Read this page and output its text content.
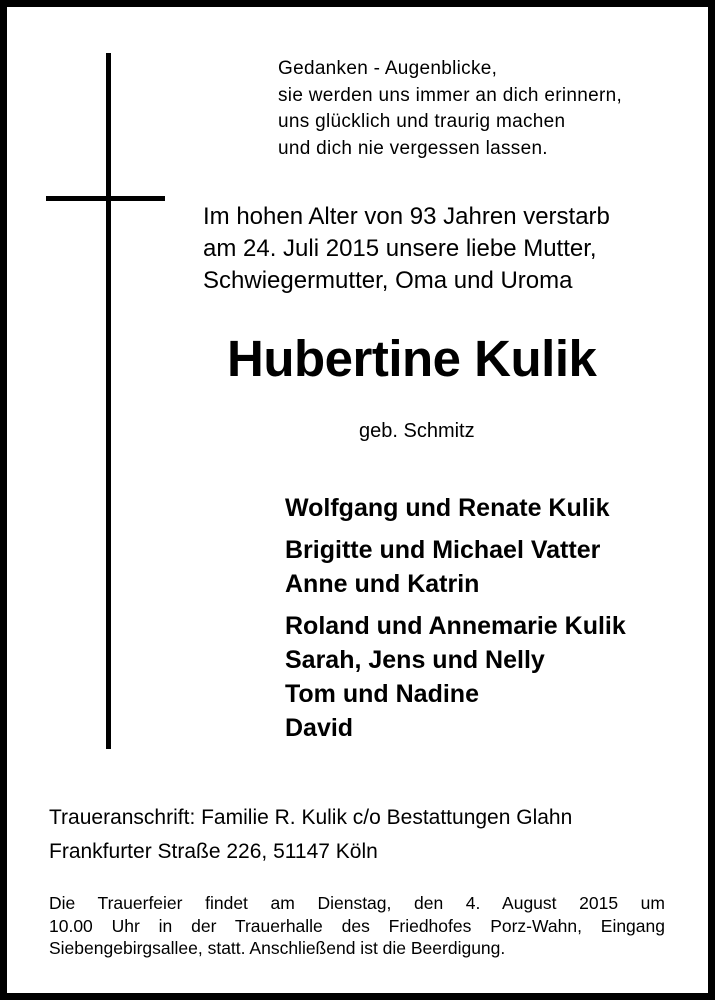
Gedanken - Augenblicke,
sie werden uns immer an dich erinnern,
uns glücklich und traurig machen
und dich nie vergessen lassen.
Im hohen Alter von 93 Jahren verstarb
am 24. Juli 2015 unsere liebe Mutter,
Schwiegermutter, Oma und Uroma
Hubertine Kulik
geb. Schmitz
Wolfgang und Renate Kulik
Brigitte und Michael Vatter
Anne und Katrin
Roland und Annemarie Kulik
Sarah, Jens und Nelly
Tom und Nadine
David
Traueranschrift: Familie R. Kulik c/o Bestattungen Glahn
Frankfurter Straße 226, 51147 Köln
Die Trauerfeier findet am Dienstag, den 4. August 2015 um
10.00 Uhr in der Trauerhalle des Friedhofes Porz-Wahn, Eingang
Siebengebirgsallee, statt. Anschließend ist die Beerdigung.
